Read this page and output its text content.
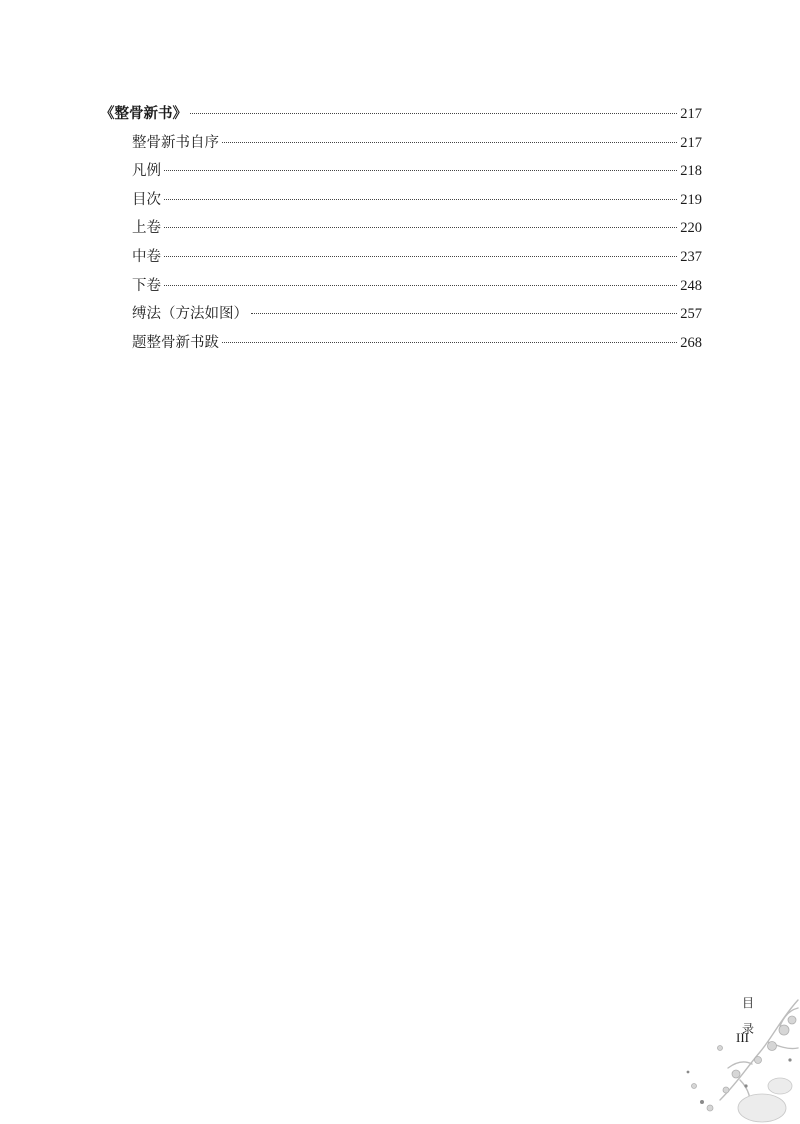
《整骨新书》	217
整骨新书自序	217
凡例	218
目次	219
上卷	220
中卷	237
下卷	248
缚法（方法如图）	257
题整骨新书跋	268
目
录
III
